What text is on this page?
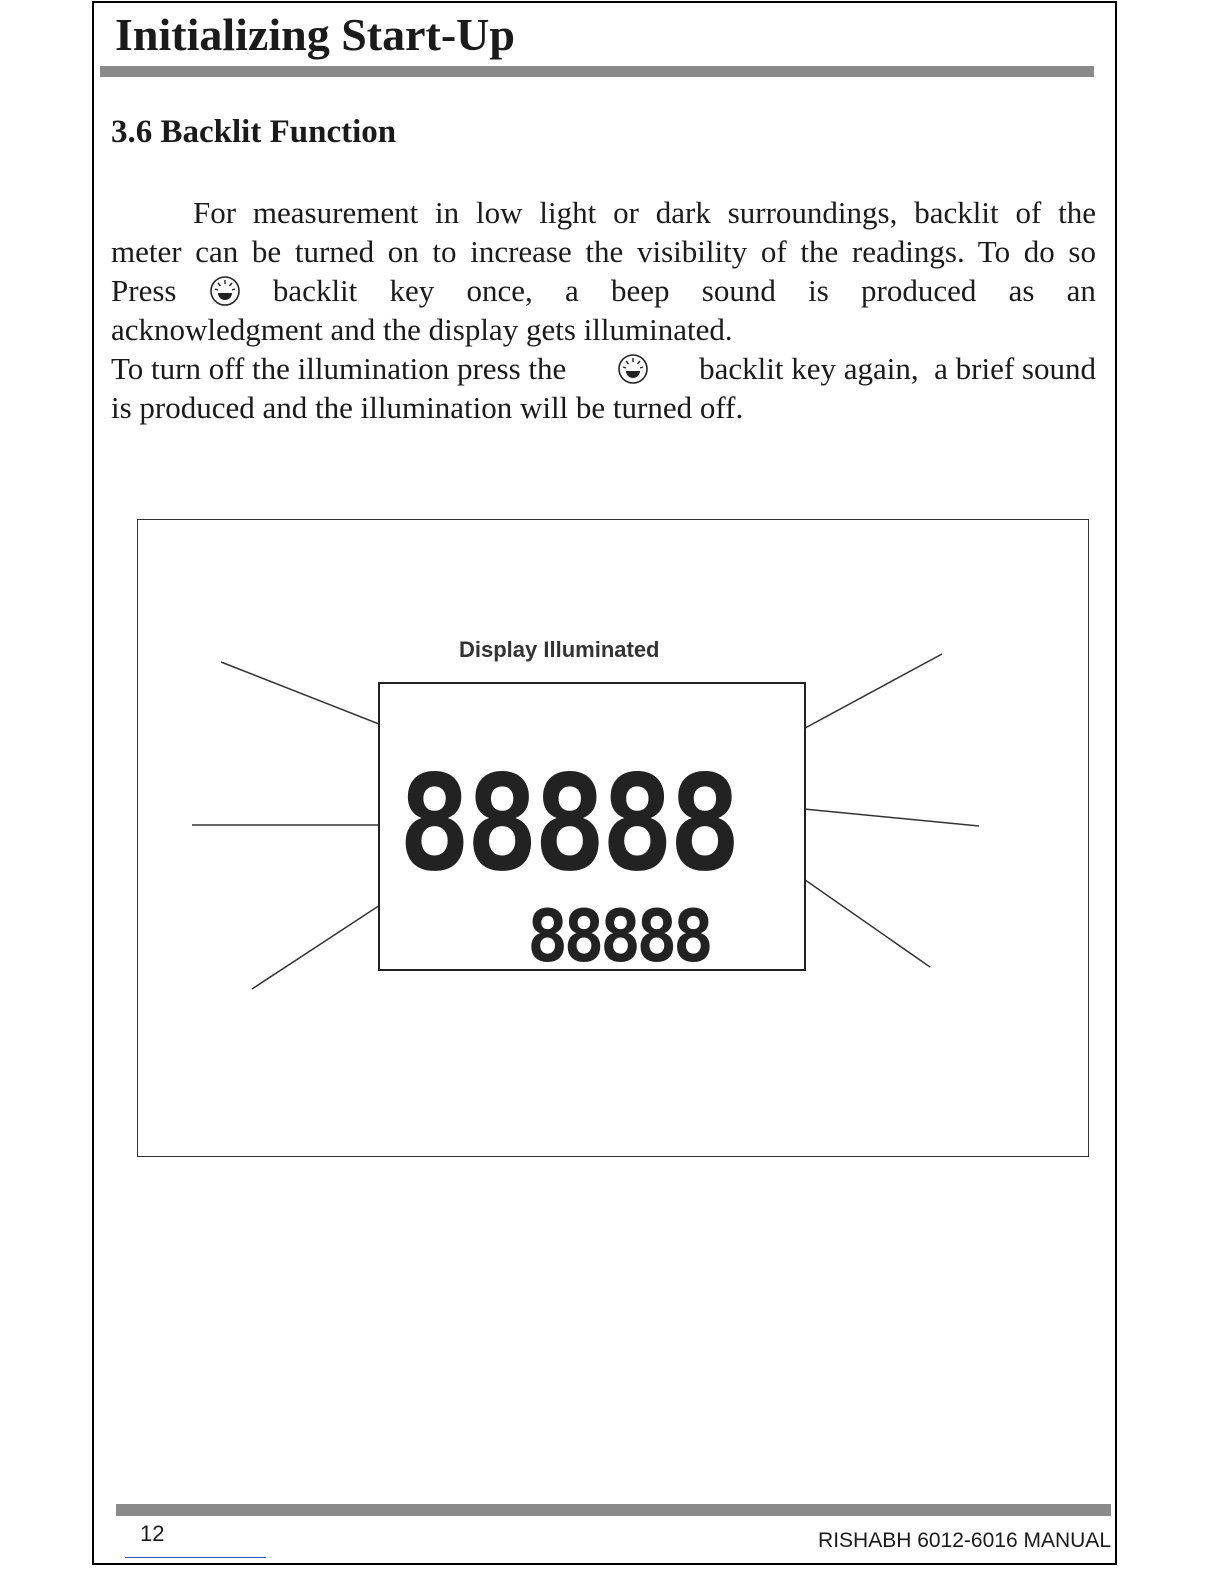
Initializing Start-Up
3.6 Backlit Function

For measurement in low light or dark surroundings, backlit of the

meter can be turned on to increase the visibility of the readings. To do so

Press	backlit key once, a beep sound is produced as an

acknowledgment and the display gets illuminated.

To turn off the illumination press the	backlit key again,  a brief sound

is produced and the illumination will be turned off.

Display Illuminated
88888
88888
12	RISHABH 6012-6016 MANUAL
